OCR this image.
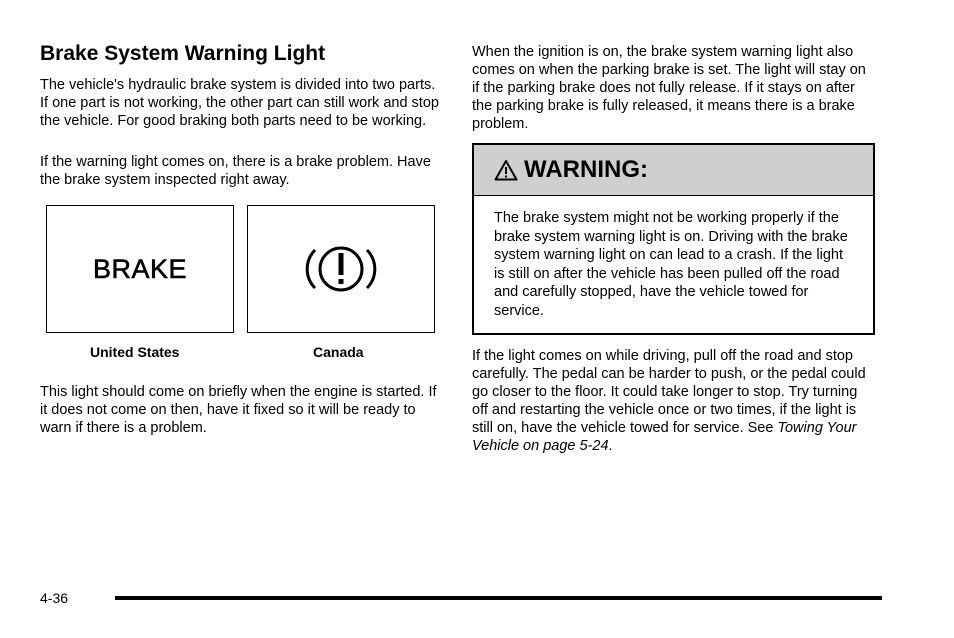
Brake System Warning Light

The vehicle's hydraulic brake system is divided into two parts. If one part is not working, the other part can still work and stop the vehicle. For good braking both parts need to be working.

If the warning light comes on, there is a brake problem. Have the brake system inspected right away.

BRAKE

United States	Canada

This light should come on briefly when the engine is started. If it does not come on then, have it fixed so it will be ready to warn if there is a problem.

When the ignition is on, the brake system warning light also comes on when the parking brake is set. The light will stay on if the parking brake does not fully release. If it stays on after the parking brake is fully released, it means there is a brake problem.

WARNING:

The brake system might not be working properly if the brake system warning light is on. Driving with the brake system warning light on can lead to a crash. If the light is still on after the vehicle has been pulled off the road and carefully stopped, have the vehicle towed for service.

If the light comes on while driving, pull off the road and stop carefully. The pedal can be harder to push, or the pedal could go closer to the floor. It could take longer to stop. Try turning off and restarting the vehicle once or two times, if the light is still on, have the vehicle towed for service. See Towing Your Vehicle on page 5-24.

4-36
